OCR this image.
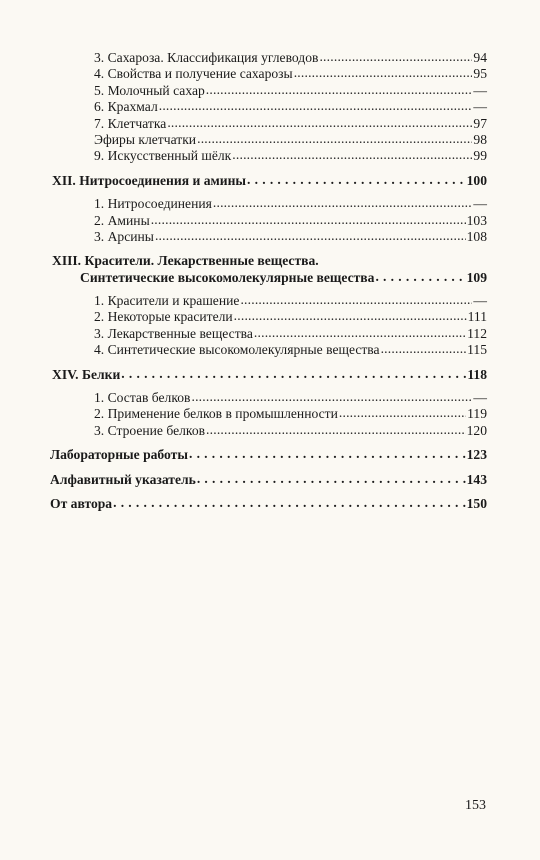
3. Сахароза. Классификация углеводов . . .	94
4. Свойства и получение сахарозы . . .	95
5. Молочный сахар . . .	—
6. Крахмал . . .	—
7. Клетчатка . . .	97
Эфиры клетчатки . . .	98
9. Искусственный шёлк . . .	99
XII. Нитросоединения и амины . . .	100
1. Нитросоединения . . .	—
2. Амины . . .	103
3. Арсины . . .	108
XIII. Красители. Лекарственные вещества.
Синтетические высокомолекулярные вещества . . .	109
1. Красители и крашение . . .	—
2. Некоторые красители . . .	111
3. Лекарственные вещества . . .	112
4. Синтетические высокомолекулярные вещества . . .	115
XIV. Белки . . .	118
1. Состав белков . . .	—
2. Применение белков в промышленности . . .	119
3. Строение белков . . .	120
Лабораторные работы . . .	123
Алфавитный указатель . . .	143
От автора . . .	150
153
